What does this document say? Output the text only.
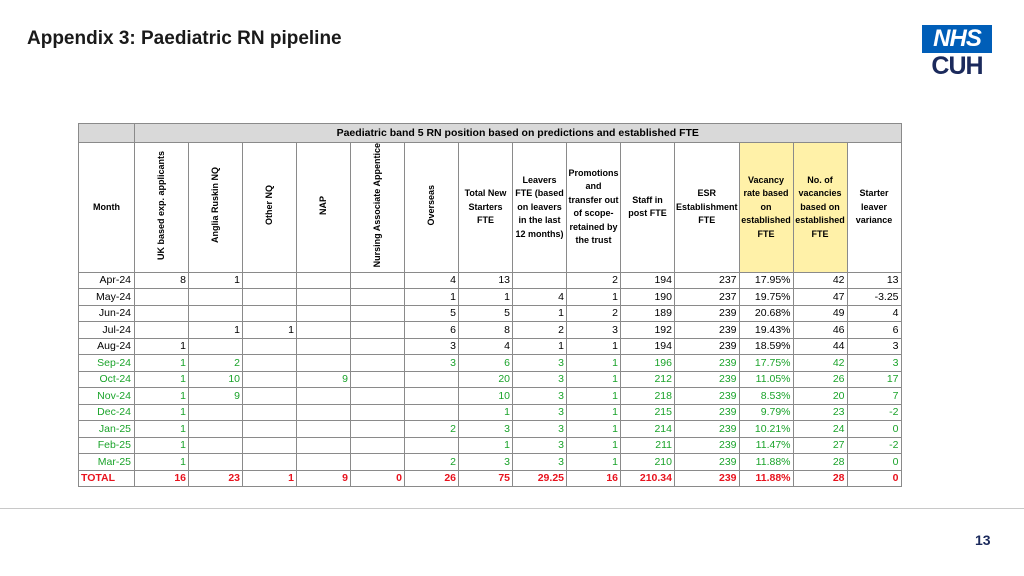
Appendix 3: Paediatric RN pipeline	NHS
CUH
	Paediatric band 5 RN position based on predictions and established FTE													
Month	UK based exp. applicants	Anglia Ruskin NQ	Other NQ	NAP	Nursing Associate Appentice	Overseas	Total New Starters FTE	Leavers FTE (based on leavers in the last 12 months)	Promotions and transfer out of scope-retained by the trust	Staff in post FTE	ESR Establishment FTE	Vacancy rate based on established FTE	No. of vacancies based on established FTE	Starter leaver variance
Apr-24	8	1				4	13		2	194	237	17.95%	42	13
May-24						1	1	4	1	190	237	19.75%	47	-3.25
Jun-24						5	5	1	2	189	239	20.68%	49	4
Jul-24		1	1			6	8	2	3	192	239	19.43%	46	6
Aug-24	1					3	4	1	1	194	239	18.59%	44	3
Sep-24	1	2				3	6	3	1	196	239	17.75%	42	3
Oct-24	1	10		9			20	3	1	212	239	11.05%	26	17
Nov-24	1	9					10	3	1	218	239	8.53%	20	7
Dec-24	1						1	3	1	215	239	9.79%	23	-2
Jan-25	1					2	3	3	1	214	239	10.21%	24	0
Feb-25	1						1	3	1	211	239	11.47%	27	-2
Mar-25	1					2	3	3	1	210	239	11.88%	28	0
TOTAL	16	23	1	9	0	26	75	29.25	16	210.34	239	11.88%	28	0
13
